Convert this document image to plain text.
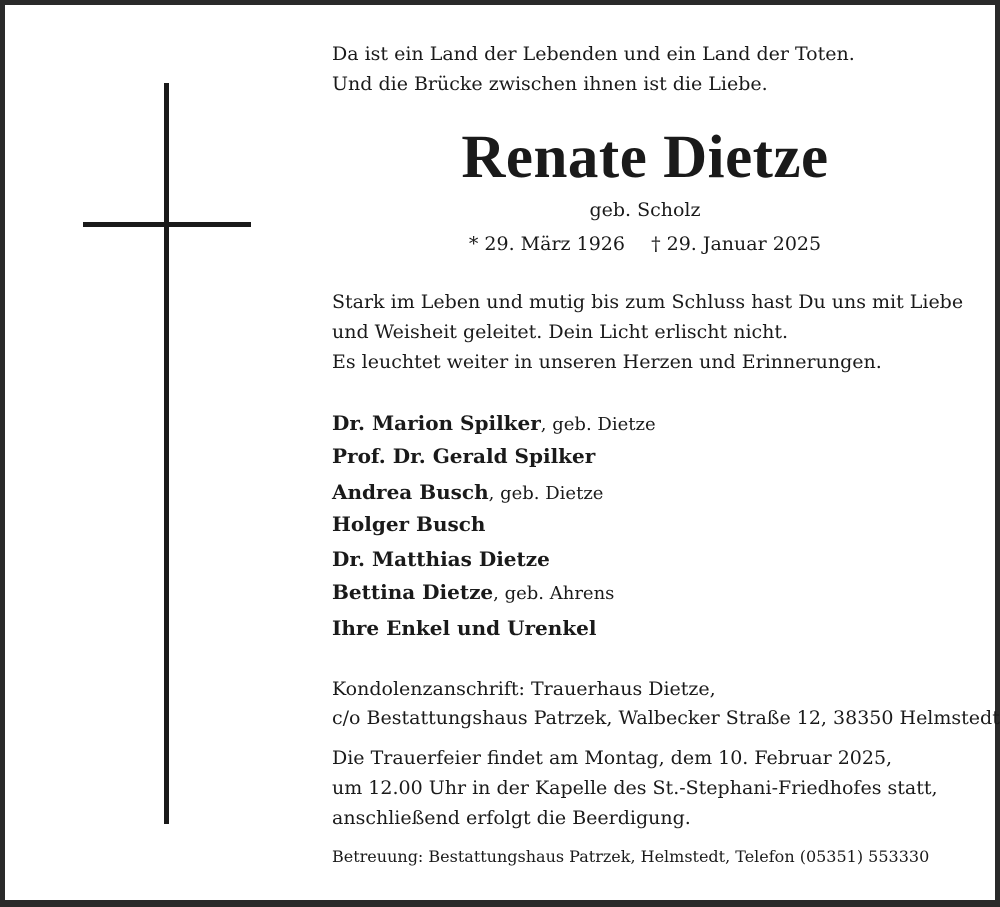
Da ist ein Land der Lebenden und ein Land der Toten.
Und die Brücke zwischen ihnen ist die Liebe.
Renate Dietze
geb. Scholz
* 29. März 1926 † 29. Januar 2025
Stark im Leben und mutig bis zum Schluss hast Du uns mit Liebe
und Weisheit geleitet. Dein Licht erlischt nicht.
Es leuchtet weiter in unseren Herzen und Erinnerungen.
Dr. Marion Spilker, geb. Dietze
Prof. Dr. Gerald Spilker
Andrea Busch, geb. Dietze
Holger Busch
Dr. Matthias Dietze
Bettina Dietze, geb. Ahrens
Ihre Enkel und Urenkel
Kondolenzanschrift: Trauerhaus Dietze,
c/o Bestattungshaus Patrzek, Walbecker Straße 12, 38350 Helmstedt
Die Trauerfeier findet am Montag, dem 10. Februar 2025,
um 12.00 Uhr in der Kapelle des St.-Stephani-Friedhofes statt,
anschließend erfolgt die Beerdigung.
Betreuung: Bestattungshaus Patrzek, Helmstedt, Telefon (05351) 553330
